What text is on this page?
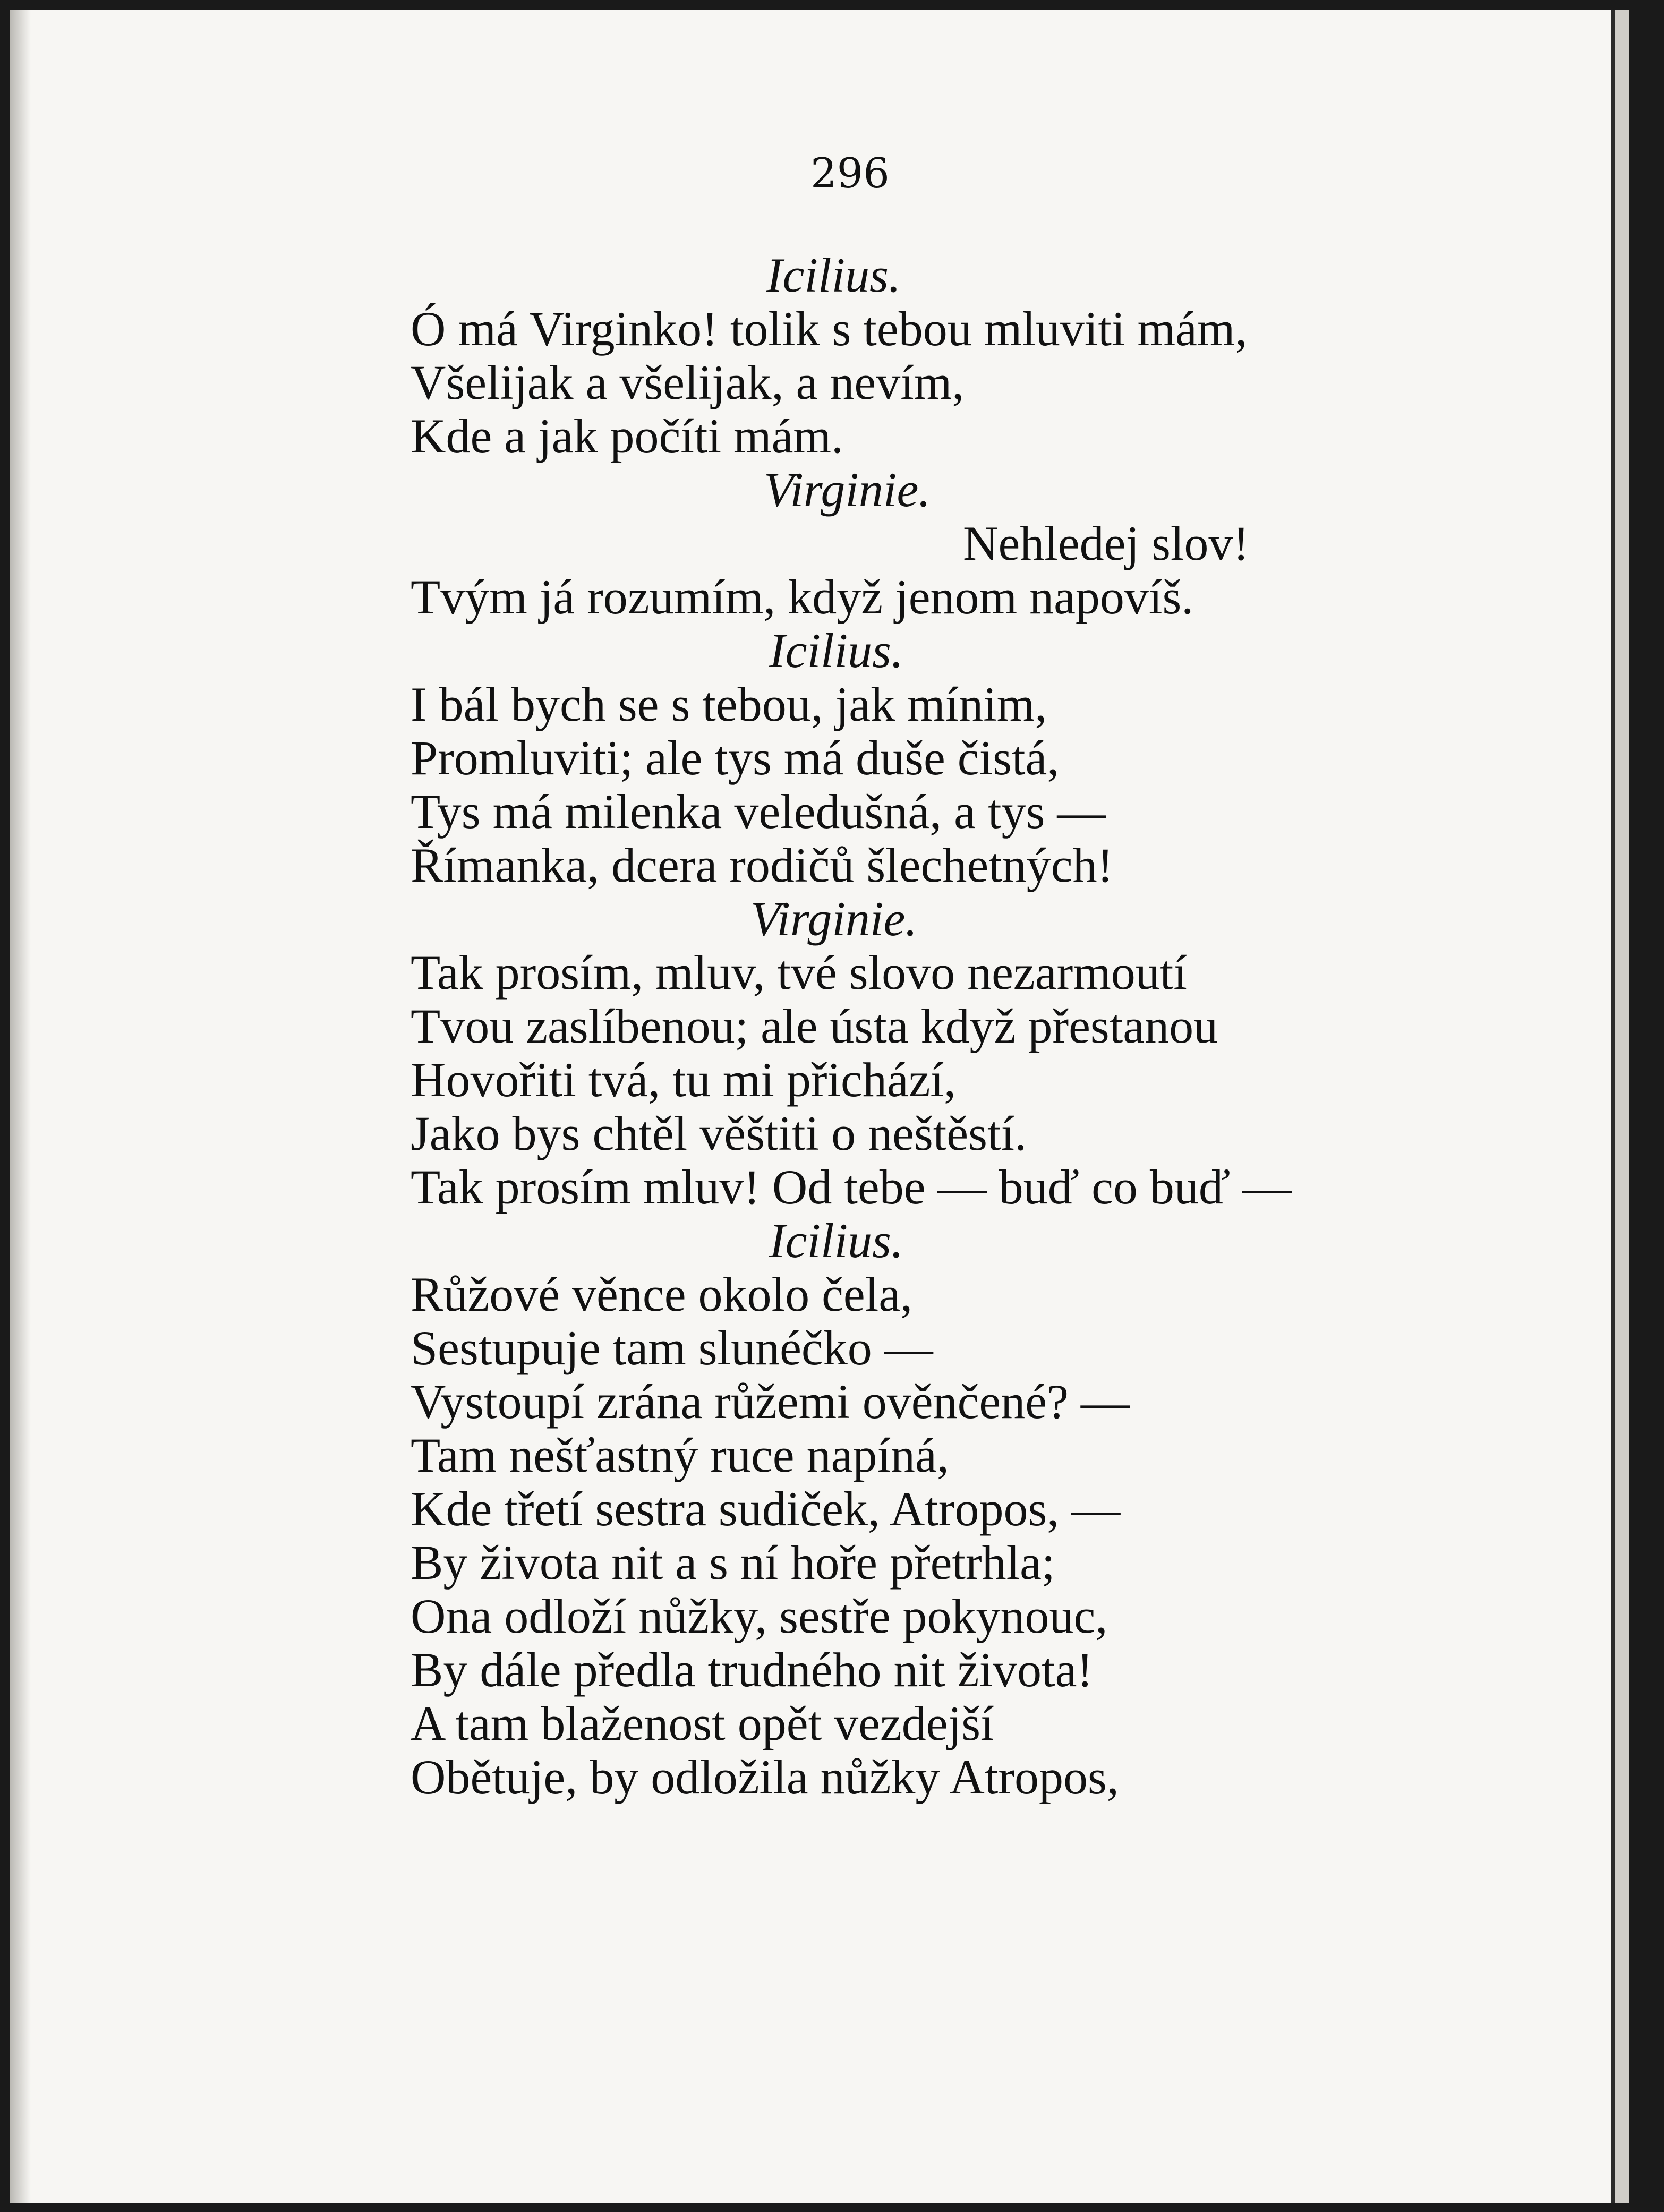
296
Icilius.
Ó má Virginko! tolik s tebou mluviti mám,
Všelijak a všelijak, a nevím,
Kde a jak počíti mám.
Virginie.
Nehledej slov!
Tvým já rozumím, když jenom napovíš.
Icilius.
I bál bych se s tebou, jak mínim,
Promluviti; ale tys má duše čistá,
Tys má milenka veledušná, a tys —
Římanka, dcera rodičů šlechetných!
Virginie.
Tak prosím, mluv, tvé slovo nezarmoutí
Tvou zaslíbenou; ale ústa když přestanou
Hovořiti tvá, tu mi přichází,
Jako bys chtěl věštiti o neštěstí.
Tak prosím mluv! Od tebe — buď co buď —
Icilius.
Růžové věnce okolo čela,
Sestupuje tam slunéčko —
Vystoupí zrána růžemi ověnčené? —
Tam nešťastný ruce napíná,
Kde třetí sestra sudiček, Atropos, —
By života nit a s ní hoře přetrhla;
Ona odloží nůžky, sestře pokynouc,
By dále předla trudného nit života!
A tam blaženost opět vezdejší
Obětuje, by odložila nůžky Atropos,
